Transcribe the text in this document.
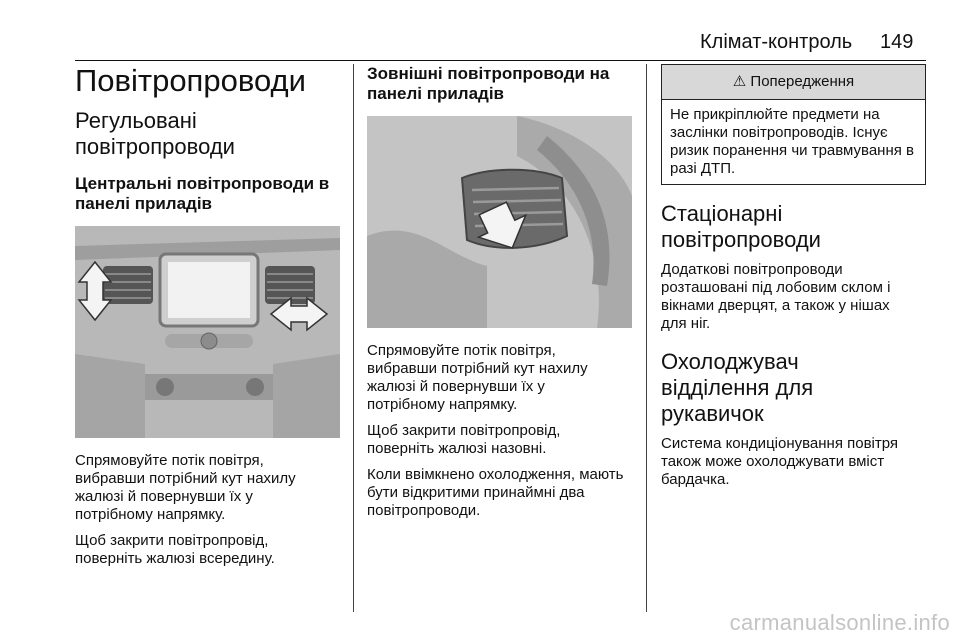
Клімат-контроль 149
Повітропроводи
Регульовані повітропроводи
Центральні повітропроводи в панелі приладів

Спрямовуйте потік повітря, вибравши потрібний кут нахилу жалюзі й повернувши їх у потрібному напрямку.

Щоб закрити повітропровід, поверніть жалюзі всередину.

Зовнішні повітропроводи на панелі приладів

Спрямовуйте потік повітря, вибравши потрібний кут нахилу жалюзі й повернувши їх у потрібному напрямку.

Щоб закрити повітропровід, поверніть жалюзі назовні.

Коли ввімкнено охолодження, мають бути відкритими принаймні два повітропроводи.

⚠ Попередження

Не прикріплюйте предмети на заслінки повітропроводів. Існує ризик поранення чи травмування в разі ДТП.

Стаціонарні повітропроводи

Додаткові повітропроводи розташовані під лобовим склом і вікнами дверцят, а також у нішах для ніг.

Охолоджувач відділення для рукавичок

Система кондиціонування повітря також може охолоджувати вміст бардачка.

carmanualsonline.info
